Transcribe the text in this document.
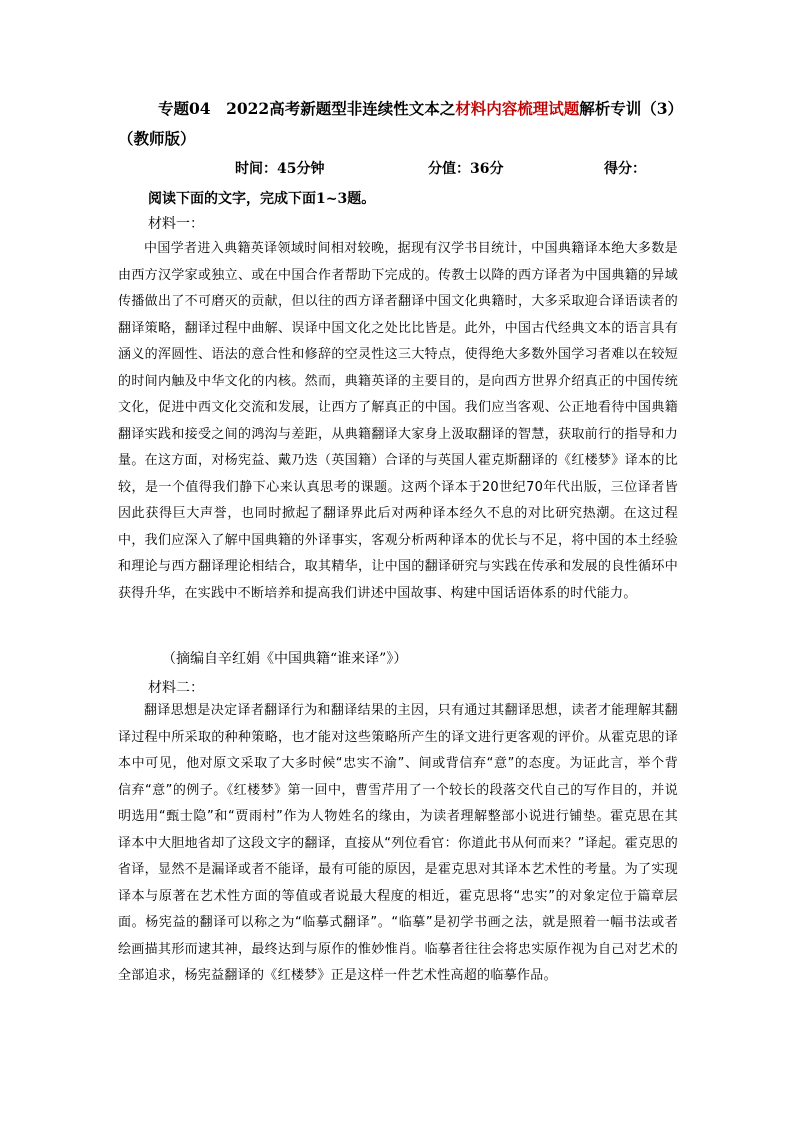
专题04　2022高考新题型非连续性文本之材料内容梳理试题解析专训（3）（教师版）
时间：45分钟	分值：36分	得分：
阅读下面的文字，完成下面1~3题。
材料一：
中国学者进入典籍英译领域时间相对较晚，据现有汉学书目统计，中国典籍译本绝大多数是由西方汉学家或独立、或在中国合作者帮助下完成的。传教士以降的西方译者为中国典籍的异域传播做出了不可磨灭的贡献，但以往的西方译者翻译中国文化典籍时，大多采取迎合译语读者的翻译策略，翻译过程中曲解、误译中国文化之处比比皆是。此外，中国古代经典文本的语言具有涵义的浑圆性、语法的意合性和修辞的空灵性这三大特点，使得绝大多数外国学习者难以在较短的时间内触及中华文化的内核。然而，典籍英译的主要目的，是向西方世界介绍真正的中国传统文化，促进中西文化交流和发展，让西方了解真正的中国。我们应当客观、公正地看待中国典籍翻译实践和接受之间的鸿沟与差距，从典籍翻译大家身上汲取翻译的智慧，获取前行的指导和力量。在这方面，对杨宪益、戴乃迭（英国籍）合译的与英国人霍克斯翻译的《红楼梦》译本的比较，是一个值得我们静下心来认真思考的课题。这两个译本于20世纪70年代出版，三位译者皆因此获得巨大声誉，也同时掀起了翻译界此后对两种译本经久不息的对比研究热潮。在这过程中，我们应深入了解中国典籍的外译事实，客观分析两种译本的优长与不足，将中国的本土经验和理论与西方翻译理论相结合，取其精华，让中国的翻译研究与实践在传承和发展的良性循环中获得升华，在实践中不断培养和提高我们讲述中国故事、构建中国话语体系的时代能力。
（摘编自辛红娟《中国典籍“谁来译”》）
材料二：
翻译思想是决定译者翻译行为和翻译结果的主因，只有通过其翻译思想，读者才能理解其翻译过程中所采取的种种策略，也才能对这些策略所产生的译文进行更客观的评价。从霍克思的译本中可见，他对原文采取了大多时候“忠实不渝”、间或背信弃“意”的态度。为证此言，举个背信弃“意”的例子。《红楼梦》第一回中，曹雪芹用了一个较长的段落交代自己的写作目的，并说明选用“甄士隐”和“贾雨村”作为人物姓名的缘由，为读者理解整部小说进行铺垫。霍克思在其译本中大胆地省却了这段文字的翻译，直接从“列位看官：你道此书从何而来？”译起。霍克思的省译，显然不是漏译或者不能译，最有可能的原因，是霍克思对其译本艺术性的考量。为了实现译本与原著在艺术性方面的等值或者说最大程度的相近，霍克思将“忠实”的对象定位于篇章层面。杨宪益的翻译可以称之为“临摹式翻译”。“临摹”是初学书画之法，就是照着一幅书法或者绘画描其形而逮其神，最终达到与原作的惟妙惟肖。临摹者往往会将忠实原作视为自己对艺术的全部追求，杨宪益翻译的《红楼梦》正是这样一件艺术性高超的临摹作品。
